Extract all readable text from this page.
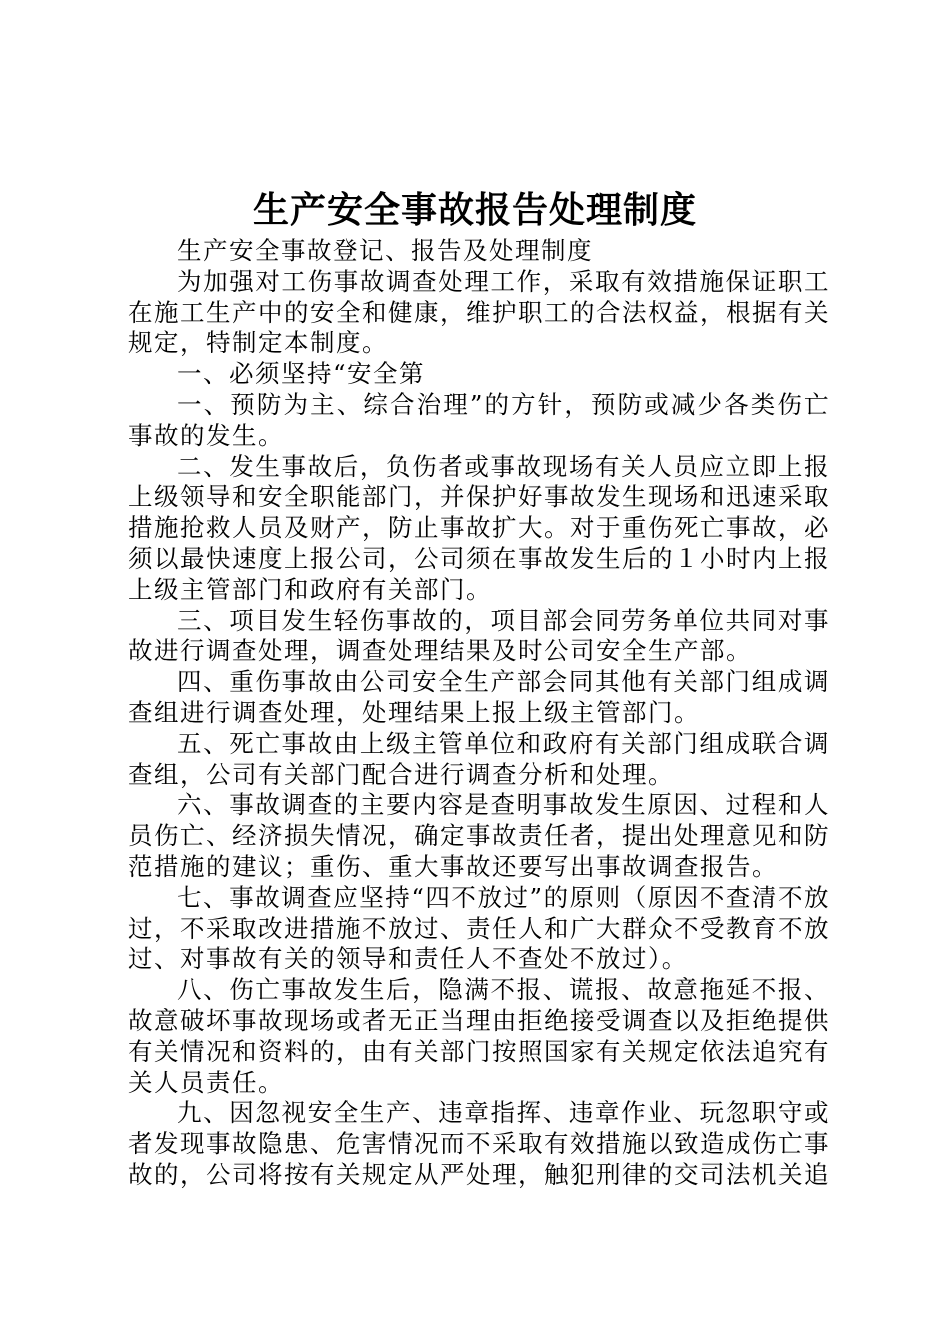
生产安全事故报告处理制度

生产安全事故登记、报告及处理制度

为加强对工伤事故调查处理工作，采取有效措施保证职工在施工生产中的安全和健康，维护职工的合法权益，根据有关规定，特制定本制度。

一、必须坚持“安全第

一、预防为主、综合治理”的方针，预防或减少各类伤亡事故的发生。

二、发生事故后，负伤者或事故现场有关人员应立即上报上级领导和安全职能部门，并保护好事故发生现场和迅速采取措施抢救人员及财产，防止事故扩大。对于重伤死亡事故，必须以最快速度上报公司，公司须在事故发生后的１小时内上报上级主管部门和政府有关部门。

三、项目发生轻伤事故的，项目部会同劳务单位共同对事故进行调查处理，调查处理结果及时公司安全生产部。

四、重伤事故由公司安全生产部会同其他有关部门组成调查组进行调查处理，处理结果上报上级主管部门。

五、死亡事故由上级主管单位和政府有关部门组成联合调查组，公司有关部门配合进行调查分析和处理。

六、事故调查的主要内容是查明事故发生原因、过程和人员伤亡、经济损失情况，确定事故责任者，提出处理意见和防范措施的建议；重伤、重大事故还要写出事故调查报告。

七、事故调查应坚持“四不放过”的原则（原因不查清不放过，不采取改进措施不放过、责任人和广大群众不受教育不放过、对事故有关的领导和责任人不查处不放过）。

八、伤亡事故发生后，隐满不报、谎报、故意拖延不报、故意破坏事故现场或者无正当理由拒绝接受调查以及拒绝提供有关情况和资料的，由有关部门按照国家有关规定依法追究有关人员责任。

九、因忽视安全生产、违章指挥、违章作业、玩忽职守或者发现事故隐患、危害情况而不采取有效措施以致造成伤亡事故的，公司将按有关规定从严处理，触犯刑律的交司法机关追
